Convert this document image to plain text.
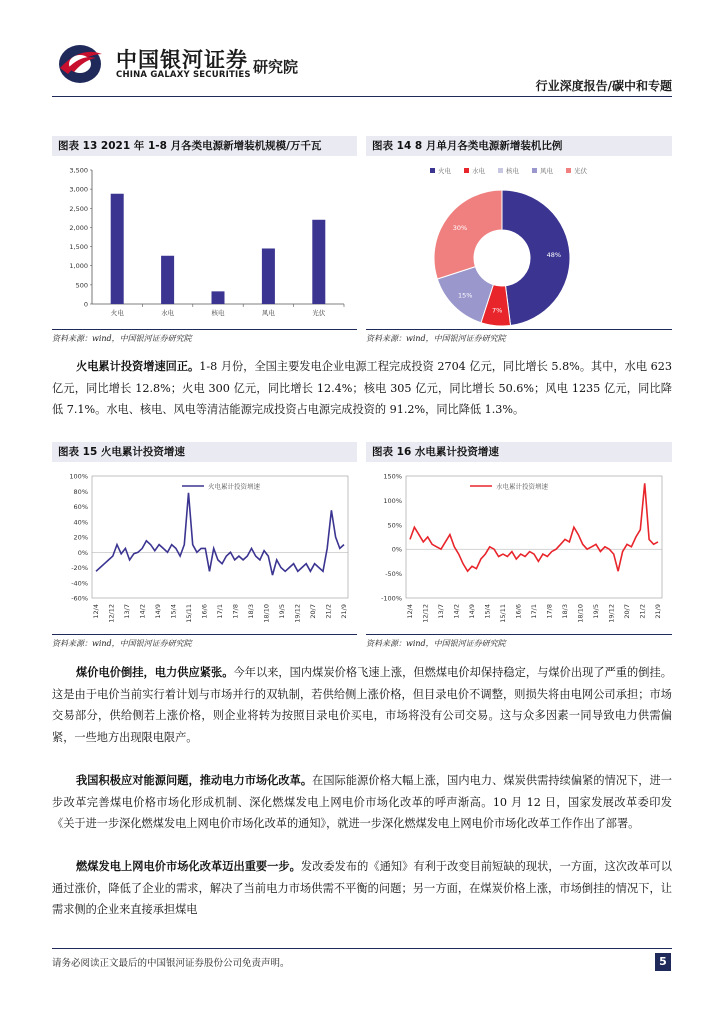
中国银河证券
CHINA GALAXY SECURITIES 研究院
行业深度报告/碳中和专题
图表 13 2021 年 1-8 月各类电源新增装机规模/万千瓦
3,500
3,000
2,500
2,000
1,500
1,000
500
0
火电	水电	核电	风电	光伏
资料来源：wind，中国银河证券研究院
图表 14 8 月单月各类电源新增装机比例
火电	水电	核电	风电	光伏
48%
7%
15%
30%
资料来源：wind，中国银河证券研究院
火电累计投资增速回正。1-8 月份，全国主要发电企业电源工程完成投资 2704 亿元，同比增长 5.8%。其中，水电 623 亿元，同比增长 12.8%；火电 300 亿元，同比增长 12.4%；核电 305 亿元，同比增长 50.6%；风电 1235 亿元，同比降低 7.1%。水电、核电、风电等清洁能源完成投资占电源完成投资的 91.2%，同比降低 1.3%。
图表 15 火电累计投资增速
100%
80%
60%
40%
20%
0%
-20%
-40%
-60%
火电累计投资增速
12/4 12/12 13/7 14/2 14/9 15/4 15/11 16/6 17/1 17/8 18/3 18/10 19/5 19/12 20/7 21/2 21/9
资料来源：wind，中国银河证券研究院
图表 16 水电累计投资增速
150%
100%
50%
0%
-50%
-100%
水电累计投资增速
12/4 12/12 13/7 14/2 14/9 15/4 15/11 16/6 17/1 17/8 18/3 18/10 19/5 19/12 20/7 21/2 21/9
资料来源：wind，中国银河证券研究院
煤价电价倒挂，电力供应紧张。今年以来，国内煤炭价格飞速上涨，但燃煤电价却保持稳定，与煤价出现了严重的倒挂。这是由于电价当前实行着计划与市场并行的双轨制，若供给侧上涨价格，但目录电价不调整，则损失将由电网公司承担；市场交易部分，供给侧若上涨价格，则企业将转为按照目录电价买电，市场将没有公司交易。这与众多因素一同导致电力供需偏紧，一些地方出现限电限产。
我国积极应对能源问题，推动电力市场化改革。在国际能源价格大幅上涨，国内电力、煤炭供需持续偏紧的情况下，进一步改革完善煤电价格市场化形成机制、深化燃煤发电上网电价市场化改革的呼声渐高。10 月 12 日，国家发展改革委印发《关于进一步深化燃煤发电上网电价市场化改革的通知》，就进一步深化燃煤发电上网电价市场化改革工作作出了部署。
燃煤发电上网电价市场化改革迈出重要一步。发改委发布的《通知》有利于改变目前短缺的现状，一方面，这次改革可以通过涨价，降低了企业的需求，解决了当前电力市场供需不平衡的问题；另一方面，在煤炭价格上涨，市场倒挂的情况下，让需求侧的企业来直接承担煤电
请务必阅读正文最后的中国银河证券股份公司免责声明。	5
